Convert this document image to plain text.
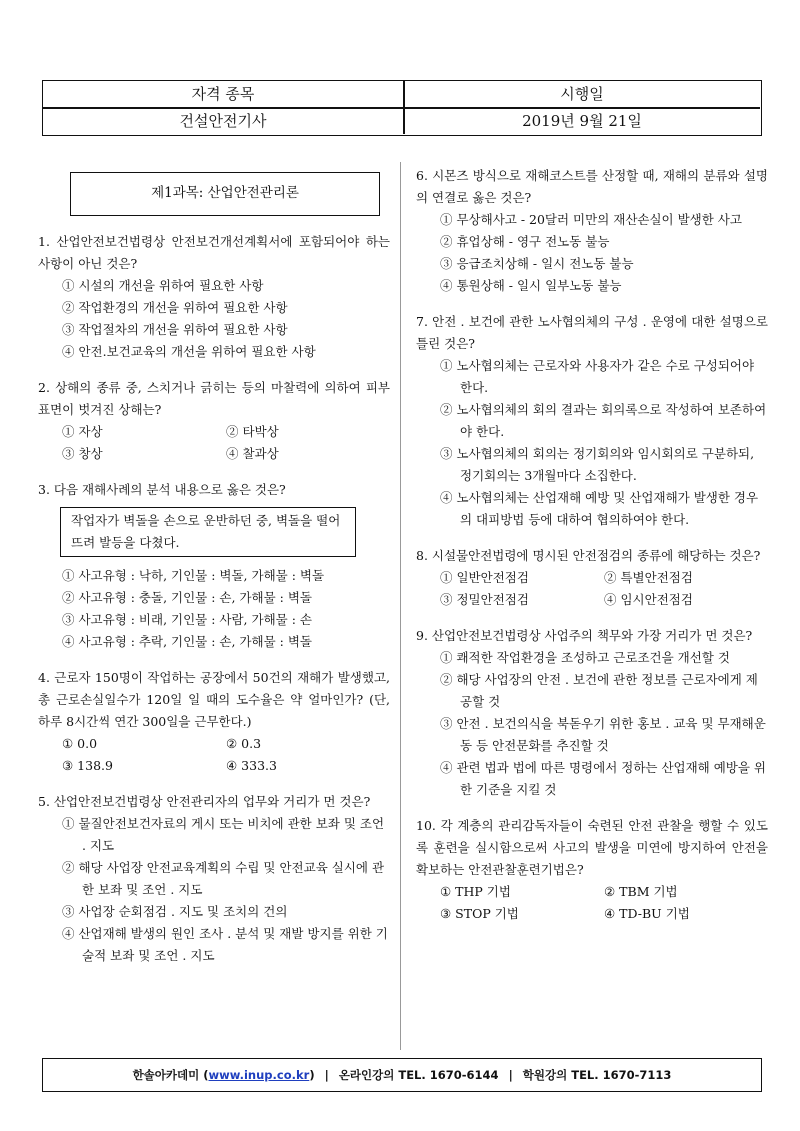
자격 종목	시행일
건설안전기사	2019년 9월 21일
제1과목: 산업안전관리론
1. 산업안전보건법령상 안전보건개선계획서에 포함되어야 하는 사항이 아닌 것은?
① 시설의 개선을 위하여 필요한 사항
② 작업환경의 개선을 위하여 필요한 사항
③ 작업절차의 개선을 위하여 필요한 사항
④ 안전.보건교육의 개선을 위하여 필요한 사항
2. 상해의 종류 중, 스치거나 긁히는 등의 마찰력에 의하여 피부 표면이 벗겨진 상해는?
① 자상	② 타박상
③ 창상	④ 찰과상
3. 다음 재해사례의 분석 내용으로 옳은 것은?
작업자가 벽돌을 손으로 운반하던 중, 벽돌을 떨어뜨려 발등을 다쳤다.
① 사고유형 : 낙하, 기인물 : 벽돌, 가해물 : 벽돌
② 사고유형 : 충돌, 기인물 : 손, 가해물 : 벽돌
③ 사고유형 : 비래, 기인물 : 사람, 가해물 : 손
④ 사고유형 : 추락, 기인물 : 손, 가해물 : 벽돌
4. 근로자 150명이 작업하는 공장에서 50건의 재해가 발생했고, 총 근로손실일수가 120일 일 때의 도수율은 약 얼마인가? (단, 하루 8시간씩 연간 300일을 근무한다.)
① 0.0	② 0.3
③ 138.9	④ 333.3
5. 산업안전보건법령상 안전관리자의 업무와 거리가 먼 것은?
① 물질안전보건자료의 게시 또는 비치에 관한 보좌 및 조언 . 지도
② 해당 사업장 안전교육계획의 수립 및 안전교육 실시에 관한 보좌 및 조언 . 지도
③ 사업장 순회점검 . 지도 및 조치의 건의
④ 산업재해 발생의 원인 조사 . 분석 및 재발 방지를 위한 기술적 보좌 및 조언 . 지도
6. 시몬즈 방식으로 재해코스트를 산정할 때, 재해의 분류와 설명의 연결로 옳은 것은?
① 무상해사고 - 20달러 미만의 재산손실이 발생한 사고
② 휴업상해 - 영구 전노동 불능
③ 응급조치상해 - 일시 전노동 불능
④ 통원상해 - 일시 일부노동 불능
7. 안전 . 보건에 관한 노사협의체의 구성 . 운영에 대한 설명으로 틀린 것은?
① 노사협의체는 근로자와 사용자가 같은 수로 구성되어야 한다.
② 노사협의체의 회의 결과는 회의록으로 작성하여 보존하여야 한다.
③ 노사협의체의 회의는 정기회의와 임시회의로 구분하되, 정기회의는 3개월마다 소집한다.
④ 노사협의체는 산업재해 예방 및 산업재해가 발생한 경우의 대피방법 등에 대하여 협의하여야 한다.
8. 시설물안전법령에 명시된 안전점검의 종류에 해당하는 것은?
① 일반안전점검	② 특별안전점검
③ 정밀안전점검	④ 임시안전점검
9. 산업안전보건법령상 사업주의 책무와 가장 거리가 먼 것은?
① 쾌적한 작업환경을 조성하고 근로조건을 개선할 것
② 해당 사업장의 안전 . 보건에 관한 정보를 근로자에게 제공할 것
③ 안전 . 보건의식을 북돋우기 위한 홍보 . 교육 및 무재해운동 등 안전문화를 추진할 것
④ 관련 법과 법에 따른 명령에서 정하는 산업재해 예방을 위한 기준을 지킬 것
10. 각 계층의 관리감독자들이 숙련된 안전 관찰을 행할 수 있도록 훈련을 실시함으로써 사고의 발생을 미연에 방지하여 안전을 확보하는 안전관찰훈련기법은?
① THP 기법	② TBM 기법
③ STOP 기법	④ TD-BU 기법
한솔아카데미 (www.inup.co.kr) | 온라인강의 TEL. 1670-6144 | 학원강의 TEL. 1670-7113
